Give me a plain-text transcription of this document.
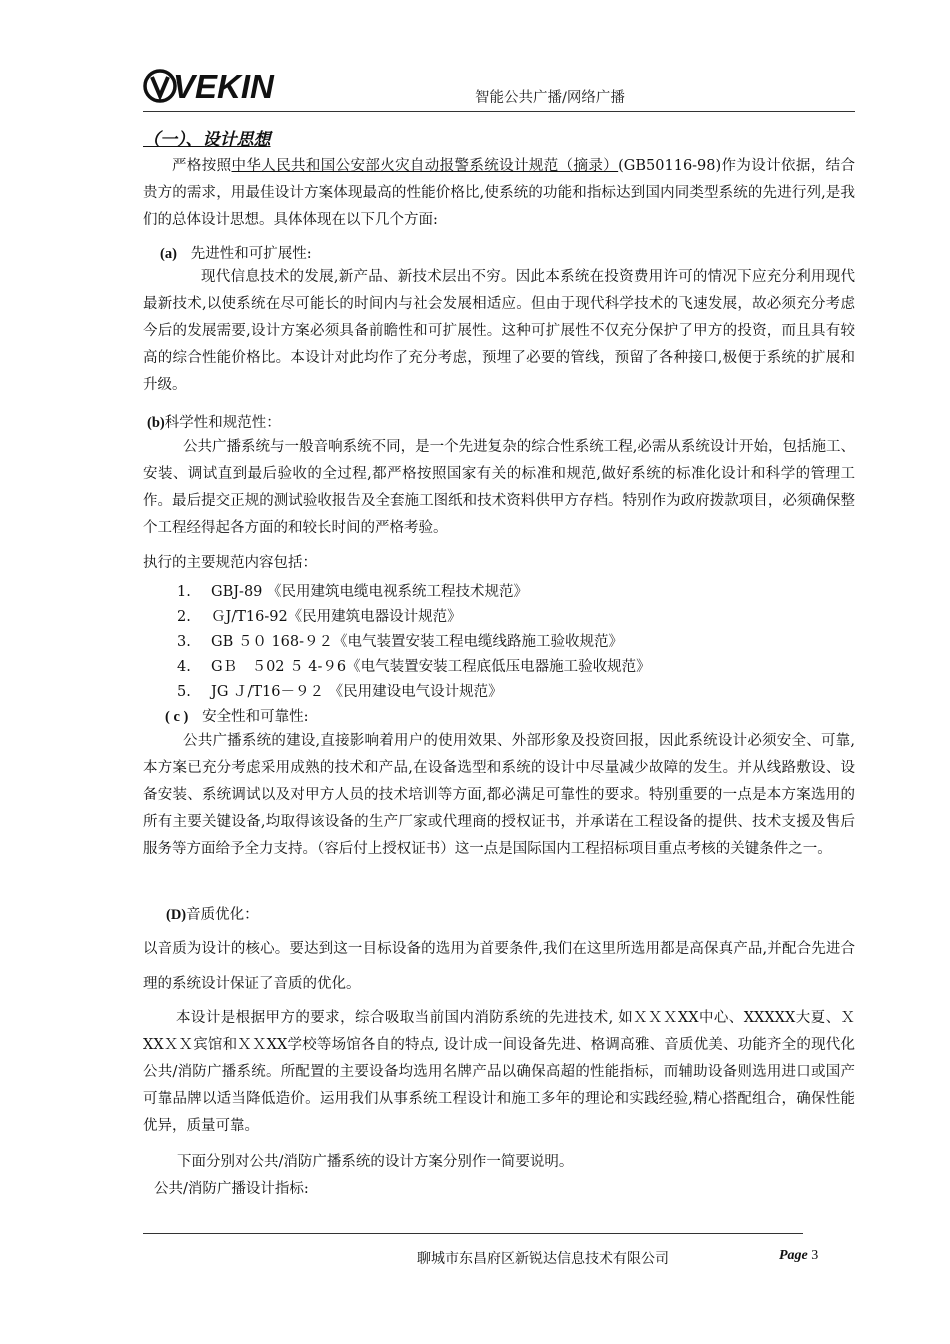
VEKIN	智能公共广播/网络广播
（一）、设计思想
严格按照中华人民共和国公安部火灾自动报警系统设计规范（摘录）(GB50116-98)作为设计依据，结合贵方的需求，用最佳设计方案体现最高的性能价格比,使系统的功能和指标达到国内同类型系统的先进行列,是我们的总体设计思想。具体体现在以下几个方面:
(a) 先进性和可扩展性:
现代信息技术的发展,新产品、新技术层出不穷。因此本系统在投资费用许可的情况下应充分利用现代最新技术,以使系统在尽可能长的时间内与社会发展相适应。但由于现代科学技术的飞速发展，故必须充分考虑今后的发展需要,设计方案必须具备前瞻性和可扩展性。这种可扩展性不仅充分保护了甲方的投资，而且具有较高的综合性能价格比。本设计对此均作了充分考虑，预埋了必要的管线，预留了各种接口,极便于系统的扩展和升级。
(b)科学性和规范性：
公共广播系统与一般音响系统不同，是一个先进复杂的综合性系统工程,必需从系统设计开始，包括施工、安装、调试直到最后验收的全过程,都严格按照国家有关的标准和规范,做好系统的标准化设计和科学的管理工作。最后提交正规的测试验收报告及全套施工图纸和技术资料供甲方存档。特别作为政府拨款项目，必须确保整个工程经得起各方面的和较长时间的严格考验。
执行的主要规范内容包括：
1. GBJ-89 《民用建筑电缆电视系统工程技术规范》
2. ＧJ/T16-92《民用建筑电器设计规范》
3. GB ５０ 168-９２《电气装置安装工程电缆线路施工验收规范》
4. GＢ　５02 ５ 4-９6《电气装置安装工程底低压电器施工验收规范》
5. JG Ｊ/T16－９２ 《民用建设电气设计规范》
( c ) 安全性和可靠性:
公共广播系统的建设,直接影响着用户的使用效果、外部形象及投资回报，因此系统设计必须安全、可靠,本方案已充分考虑采用成熟的技术和产品,在设备选型和系统的设计中尽量减少故障的发生。并从线路敷设、设备安装、系统调试以及对甲方人员的技术培训等方面,都必满足可靠性的要求。特别重要的一点是本方案选用的所有主要关键设备,均取得该设备的生产厂家或代理商的授权证书，并承诺在工程设备的提供、技术支援及售后服务等方面给予全力支持。（容后付上授权证书）这一点是国际国内工程招标项目重点考核的关键条件之一。
(D)音质优化：
以音质为设计的核心。要达到这一目标设备的选用为首要条件,我们在这里所选用都是高保真产品,并配合先进合理的系统设计保证了音质的优化。
本设计是根据甲方的要求，综合吸取当前国内消防系统的先进技术, 如ＸＸＸXX中心、XXXXX大夏、ＸXXＸＸ宾馆和ＸＸXX学校等场馆各自的特点, 设计成一间设备先进、格调高雅、音质优美、功能齐全的现代化公共/消防广播系统。所配置的主要设备均选用名牌产品以确保高超的性能指标，而辅助设备则选用进口或国产可靠品牌以适当降低造价。运用我们从事系统工程设计和施工多年的理论和实践经验,精心搭配组合，确保性能优异，质量可靠。
下面分别对公共/消防广播系统的设计方案分别作一简要说明。
公共/消防广播设计指标:
聊城市东昌府区新锐达信息技术有限公司	Page 3
